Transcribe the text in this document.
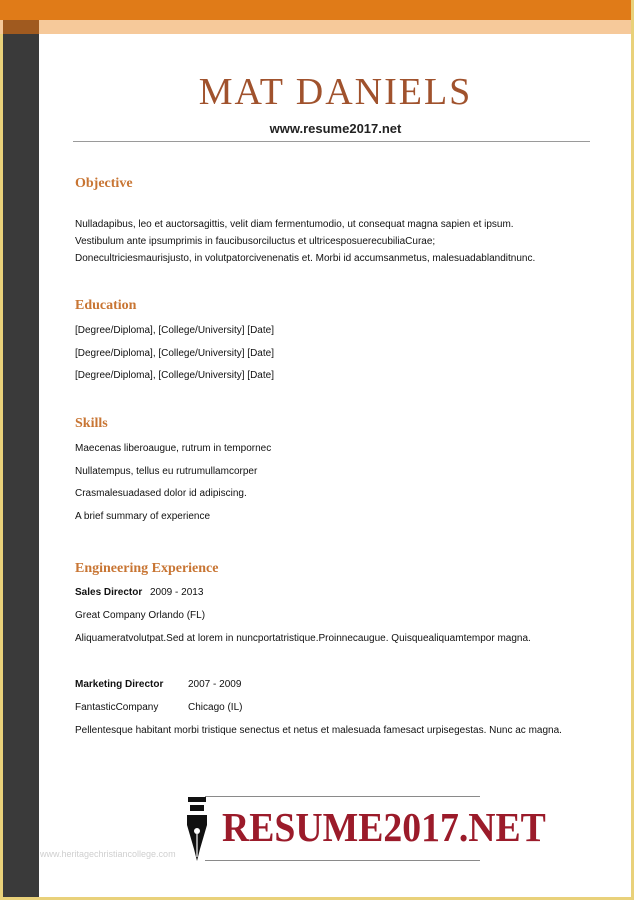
MAT DANIELS
www.resume2017.net
Objective
Nulladapibus, leo et auctorsagittis, velit diam fermentumodio, ut consequat magna sapien et ipsum.
Vestibulum ante ipsumprimis in faucibusorciluctus et ultricesposuerecubiliaCurae;
Donecultriciesmaurisjusto, in volutpatorcivenenatis et. Morbi id accumsanmetus, malesuadablanditnunc.
Education
[Degree/Diploma], [College/University] [Date]
[Degree/Diploma], [College/University] [Date]
[Degree/Diploma], [College/University] [Date]
Skills
Maecenas liberoaugue, rutrum in tempornec
Nullatempus, tellus eu rutrumullamcorper
Crasmalesuadased dolor id adipiscing.
A brief summary of experience
Engineering Experience
Sales Director 2009 - 2013
Great Company Orlando (FL)
Aliquameratvolutpat.Sed at lorem in nuncportatristique.Proinnecaugue. Quisquealiquamtempor magna.
Marketing Director 2007 - 2009
FantasticCompany	Chicago (IL)
Pellentesque habitant morbi tristique senectus et netus et malesuada famesact urpisegestas. Nunc ac magna.
RESUME2017.NET
www.heritagechristiancollege.com
